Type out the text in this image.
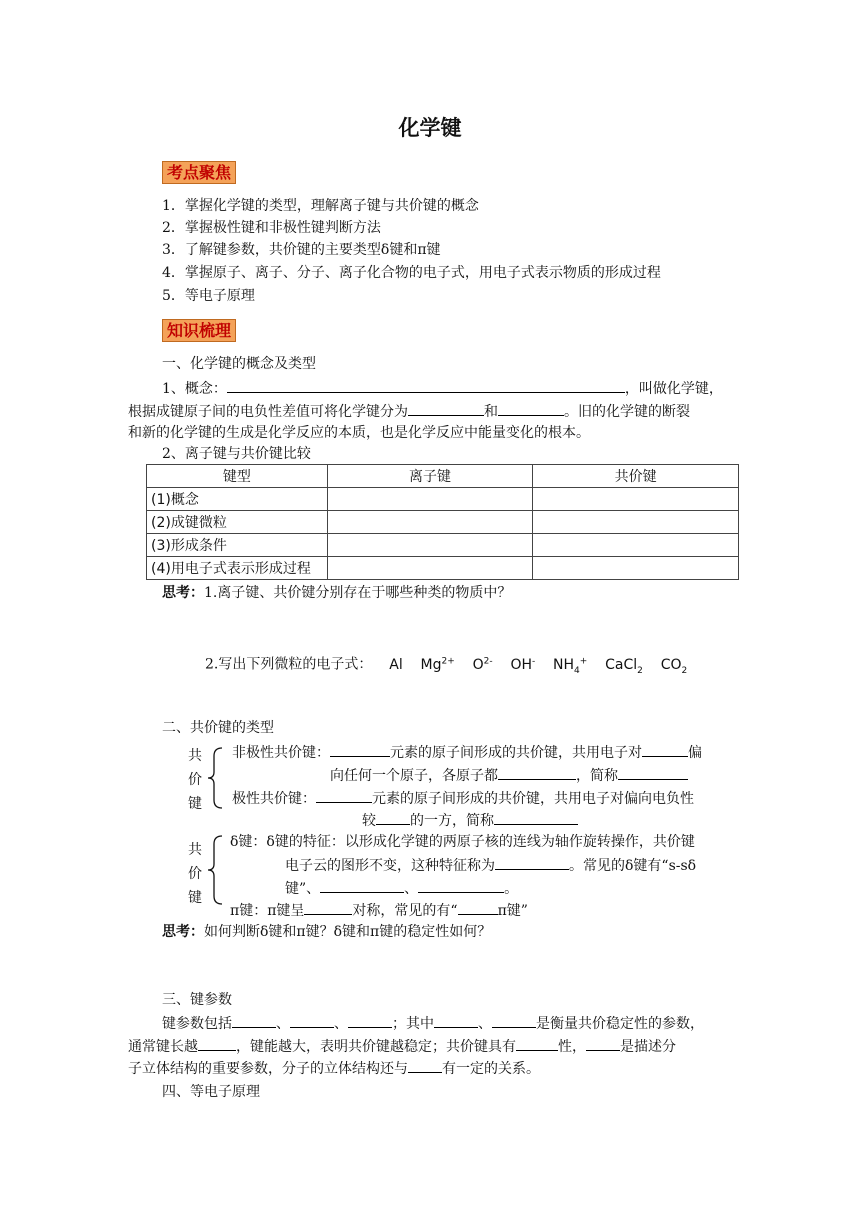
化学键
考点聚焦
1．掌握化学键的类型，理解离子键与共价键的概念
2．掌握极性键和非极性键判断方法
3．了解键参数，共价键的主要类型δ键和π键
4．掌握原子、离子、分子、离子化合物的电子式，用电子式表示物质的形成过程
5．等电子原理
知识梳理
一、化学键的概念及类型
1、概念：	，叫做化学键，
根据成键原子间的电负性差值可将化学键分为	和	。旧的化学键的断裂
和新的化学键的生成是化学反应的本质，也是化学反应中能量变化的根本。
2、离子键与共价键比较
键型	离子键	共价键
(1)概念		
(2)成键微粒		
(3)形成条件		
(4)用电子式表示形成过程		
思考：1.离子键、共价键分别存在于哪些种类的物质中？
2.写出下列微粒的电子式： Al $Mg^{2+}$ $O^{2-}$ OH- $NH_4^+$ CaCl$_2$ $CO_2$
二、共价键的类型
共
价
键
非极性共价键：	元素的原子间形成的共价键，共用电子对	偏
向任何一个原子，各原子都	，简称
极性共价键：	元素的原子间形成的共价键，共用电子对偏向电负性
较 的一方，简称
共
价
键
δ键：δ键的特征：以形成化学键的两原子核的连线为轴作旋转操作，共价键
电子云的图形不变，这种特征称为	。常见的δ键有“s-sδ
键”、	、	。
π键：π键呈	对称，常见的有“	π键”
思考：如何判断δ键和π键？δ键和π键的稳定性如何？
三、键参数
键参数包括	、	、	；其中	、	是衡量共价稳定性的参数，
通常键长越	，键能越大，表明共价键越稳定；共价键具有	性， 是描述分
子立体结构的重要参数，分子的立体结构还与 有一定的关系。
四、等电子原理
